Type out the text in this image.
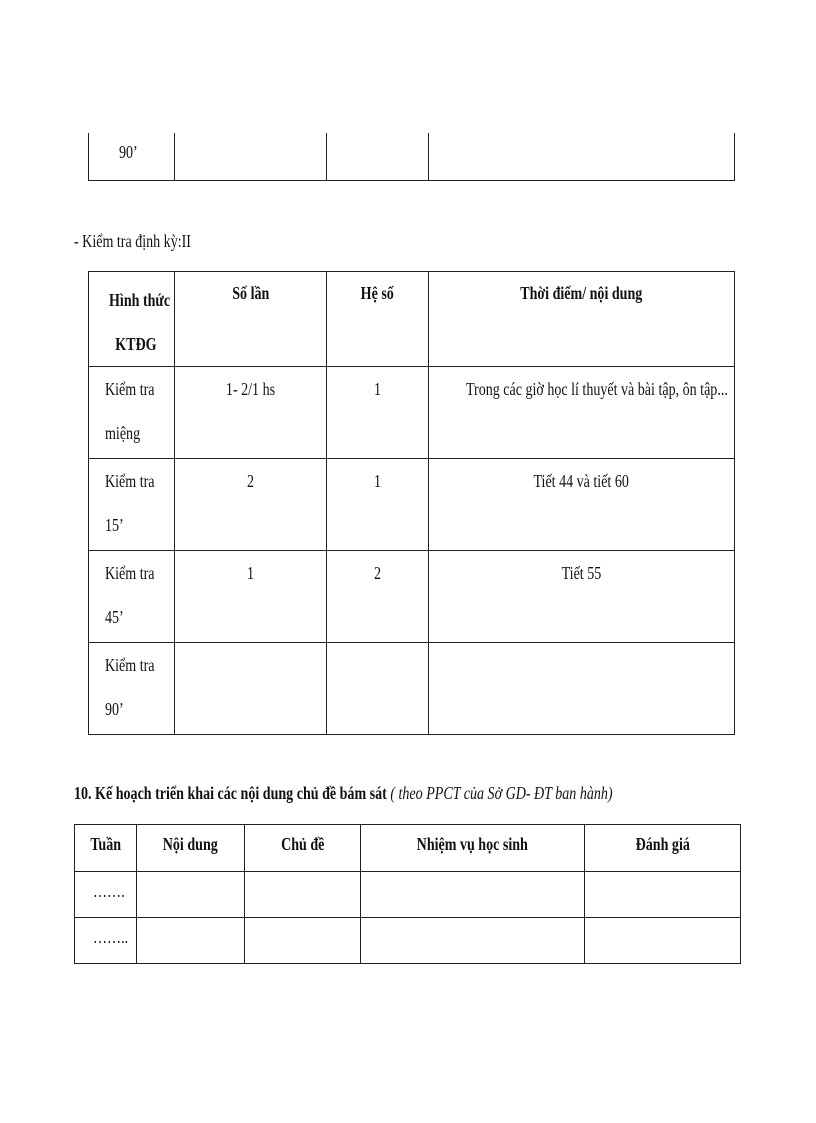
90’

- Kiểm tra định kỳ:II
Hình thức
KTĐG	Số lần	Hệ số	Thời điểm/ nội dung

Kiểm tra
miệng	1- 2/1 hs	1	Trong các giờ học lí thuyết và bài tập, ôn tập...

Kiểm tra
15’	2	1	Tiết 44 và tiết 60

Kiểm tra
45’	1	2	Tiết 55

Kiểm tra
90’			

10. Kế hoạch triển khai các nội dung chủ đề bám sát ( theo PPCT của Sở GD- ĐT ban hành)
Tuần	Nội dung	Chủ đề	Nhiệm vụ học sinh	Đánh giá

…….				

……..				
